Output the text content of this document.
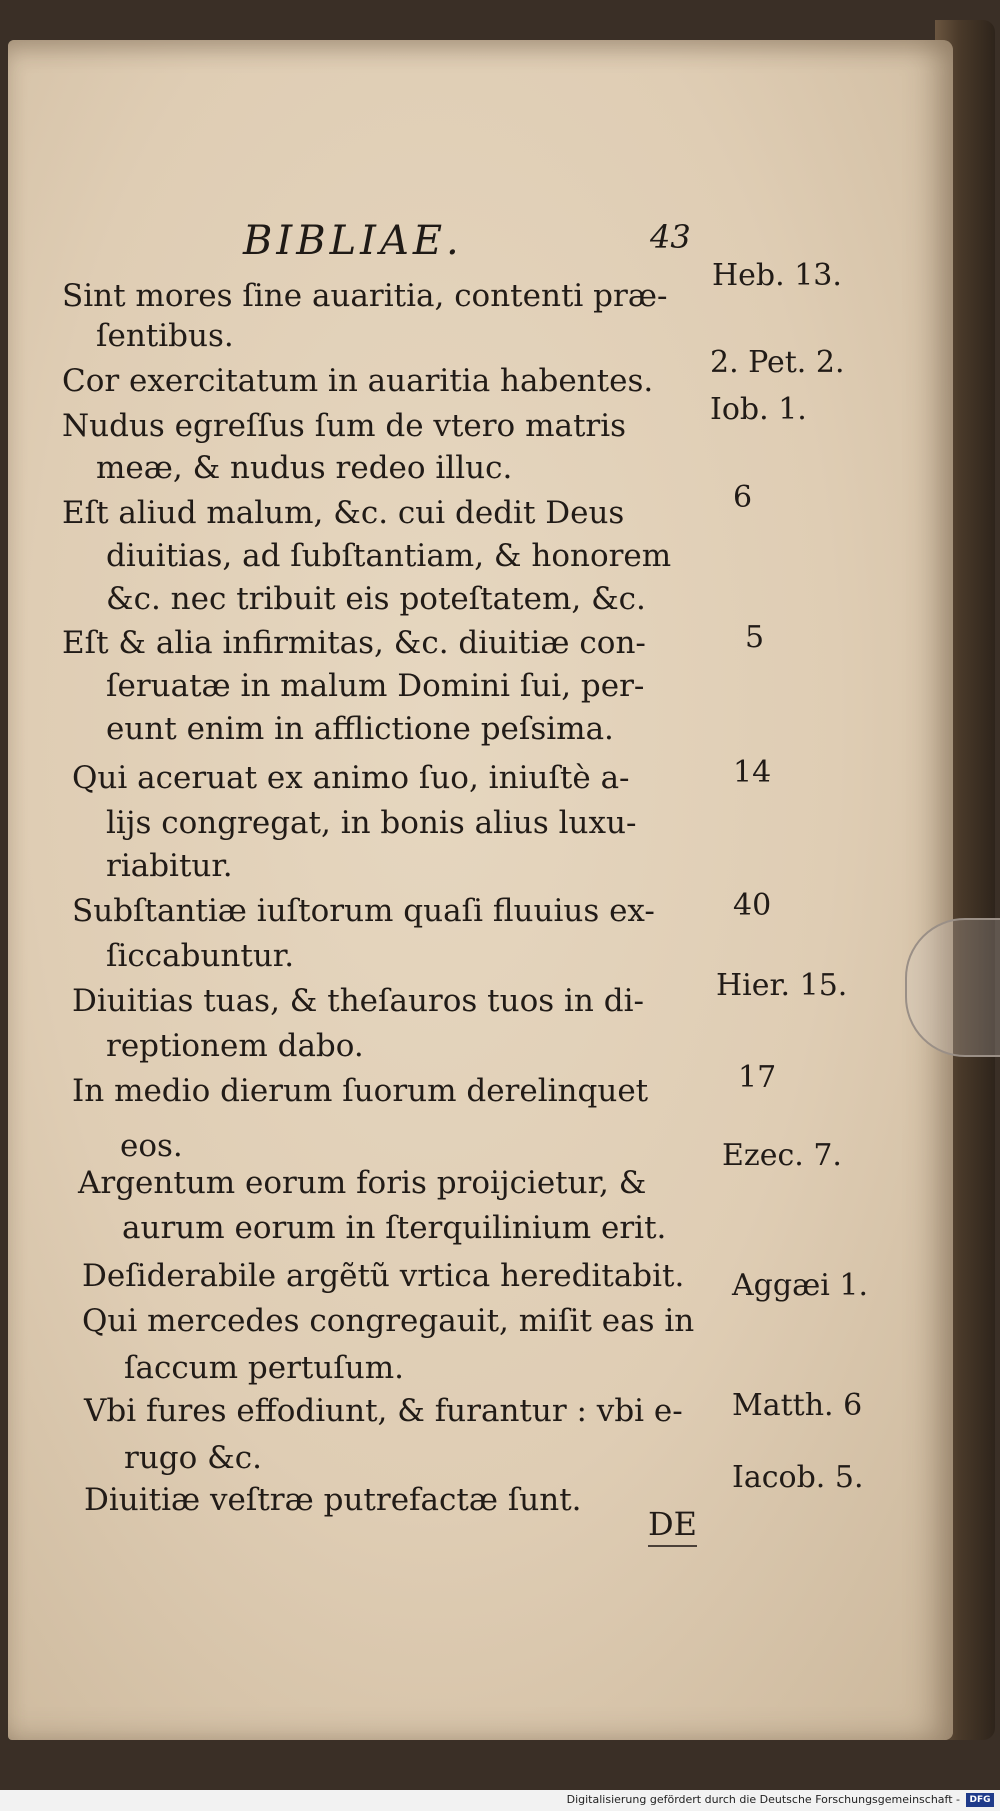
BIBLIAE.	43
Sint mores ſine auaritia, contenti præ-
ſentibus.
Cor exercitatum in auaritia habentes.
Nudus egreſſus ſum de vtero matris
meæ, & nudus redeo illuc.
Eſt aliud malum, &c. cui dedit Deus
diuitias, ad ſubſtantiam, & honorem
&c. nec tribuit eis poteſtatem, &c.
Eſt & alia infirmitas, &c. diuitiæ con-
ſeruatæ in malum Domini ſui, per-
eunt enim in afflictione peſsima.
Qui aceruat ex animo ſuo, iniuſtè a-
lijs congregat, in bonis alius luxu-
riabitur.
Subſtantiæ iuſtorum quaſi fluuius ex-
ſiccabuntur.
Diuitias tuas, & theſauros tuos in di-
reptionem dabo.
In medio dierum ſuorum derelinquet
eos.
Argentum eorum foris proijcietur, &
aurum eorum in ſterquilinium erit.
Deſiderabile argẽtũ vrtica hereditabit.
Qui mercedes congregauit, miſit eas in
ſaccum pertuſum.
Vbi fures effodiunt, & furantur : vbi e-
rugo &c.
Diuitiæ veſtræ putrefactæ ſunt.
Heb. 13.
2. Pet. 2.
Iob. 1.
6
5
14
40
Hier. 15.
17
Ezec. 7.
Aggæi 1.
Matth. 6
Iacob. 5.
DE
Digitalisierung gefördert durch die Deutsche Forschungsgemeinschaft -	DFG
